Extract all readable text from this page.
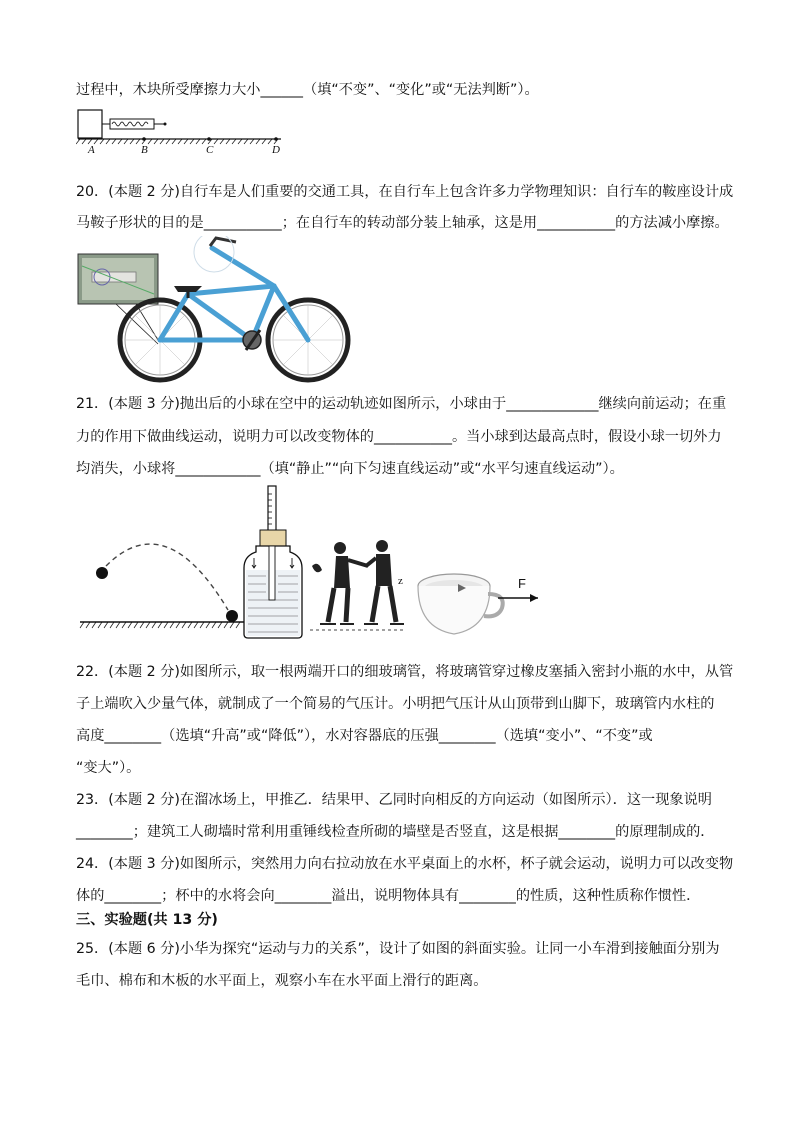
过程中，木块所受摩擦力大小______（填“不变”、“变化”或“无法判断”）。
A	B	C	D
20．(本题 2 分)自行车是人们重要的交通工具，在自行车上包含许多力学物理知识：自行车的鞍座设计成
马鞍子形状的目的是___________；在自行车的转动部分装上轴承，这是用___________的方法减小摩擦。
21．(本题 3 分)抛出后的小球在空中的运动轨迹如图所示，小球由于_____________继续向前运动；在重
力的作用下做曲线运动，说明力可以改变物体的___________。当小球到达最高点时，假设小球一切外力
均消失，小球将____________（填“静止”“向下匀速直线运动”或“水平匀速直线运动”）。
z	F
22．(本题 2 分)如图所示，取一根两端开口的细玻璃管，将玻璃管穿过橡皮塞插入密封小瓶的水中，从管
子上端吹入少量气体，就制成了一个简易的气压计。小明把气压计从山顶带到山脚下，玻璃管内水柱的
高度________（选填“升高”或“降低”），水对容器底的压强________（选填“变小”、“不变”或
“变大”）。
23．(本题 2 分)在溜冰场上，甲推乙．结果甲、乙同时向相反的方向运动（如图所示）．这一现象说明
________；建筑工人砌墙时常利用重锤线检查所砌的墙壁是否竖直，这是根据________的原理制成的．
24．(本题 3 分)如图所示，突然用力向右拉动放在水平桌面上的水杯，杯子就会运动，说明力可以改变物
体的________；杯中的水将会向________溢出，说明物体具有________的性质，这种性质称作惯性．
三、实验题(共 13 分)
25．(本题 6 分)小华为探究“运动与力的关系”，设计了如图的斜面实验。让同一小车滑到接触面分别为
毛巾、棉布和木板的水平面上，观察小车在水平面上滑行的距离。
